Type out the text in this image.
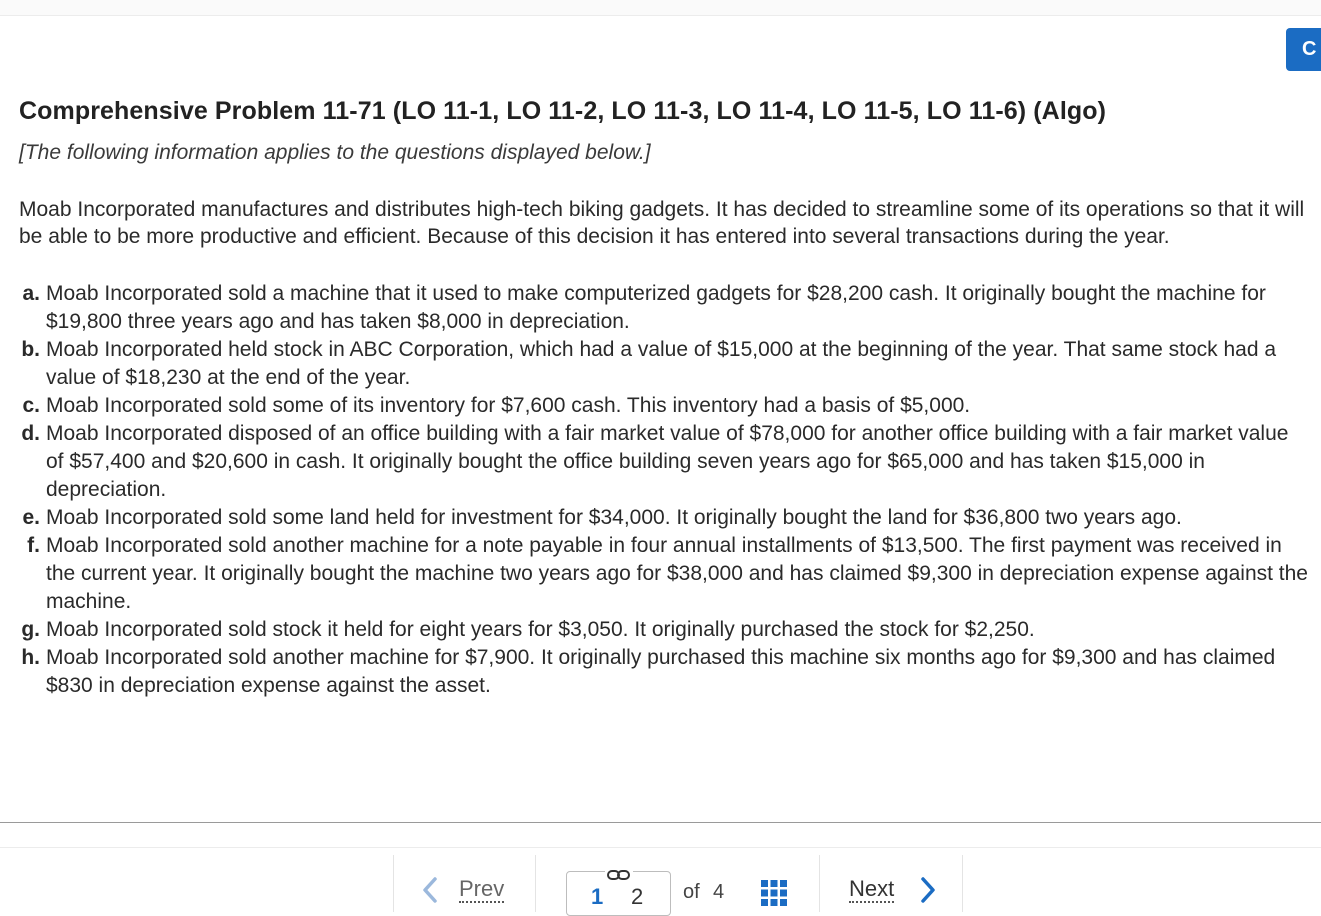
C
Comprehensive Problem 11-71 (LO 11-1, LO 11-2, LO 11-3, LO 11-4, LO 11-5, LO 11-6) (Algo)

[The following information applies to the questions displayed below.]

Moab Incorporated manufactures and distributes high-tech biking gadgets. It has decided to streamline some of its operations so that it will be able to be more productive and efficient. Because of this decision it has entered into several transactions during the year.

a. Moab Incorporated sold a machine that it used to make computerized gadgets for $28,200 cash. It originally bought the machine for $19,800 three years ago and has taken $8,000 in depreciation.
b. Moab Incorporated held stock in ABC Corporation, which had a value of $15,000 at the beginning of the year. That same stock had a value of $18,230 at the end of the year.
c. Moab Incorporated sold some of its inventory for $7,600 cash. This inventory had a basis of $5,000.
d. Moab Incorporated disposed of an office building with a fair market value of $78,000 for another office building with a fair market value of $57,400 and $20,600 in cash. It originally bought the office building seven years ago for $65,000 and has taken $15,000 in depreciation.
e. Moab Incorporated sold some land held for investment for $34,000. It originally bought the land for $36,800 two years ago.
f. Moab Incorporated sold another machine for a note payable in four annual installments of $13,500. The first payment was received in the current year. It originally bought the machine two years ago for $38,000 and has claimed $9,300 in depreciation expense against the machine.
g. Moab Incorporated sold stock it held for eight years for $3,050. It originally purchased the stock for $2,250.
h. Moab Incorporated sold another machine for $7,900. It originally purchased this machine six months ago for $9,300 and has claimed $830 in depreciation expense against the asset.
Prev	1 2 of 4	Next
